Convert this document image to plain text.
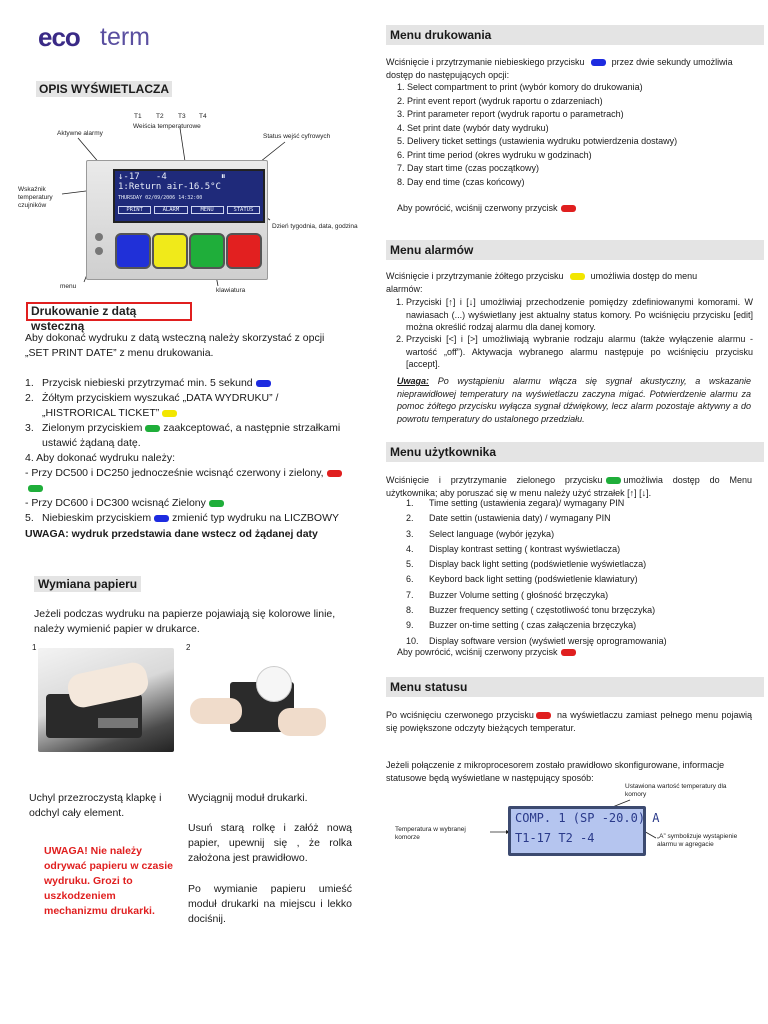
eco term
OPIS WYŚWIETLACZA
T1 T2 T3 T4
Weiścia temperaturowe
Aktywne alarmy	Status wejść cyfrowych
Wskaźnik temperatury czujników
Dzień tygodnia, data, godzina
menu
klawiatura
↓-17   -4          ⏸
1:Return air-16.5°C
THURSDAY 02/09/2006 14:32:00
PRINT	ALARM	MENU	STATUS
Drukowanie z datą wsteczną
Aby dokonać wydruku z datą wsteczną należy skorzystać z opcji „SET PRINT DATE” z menu drukowania.
1. Przycisk niebieski przytrzymać min. 5 sekund
2. Żółtym przyciskiem wyszukać „DATA WYDRUKU” / „HISTRORICAL TICKET”
3. Zielonym przyciskiem zaakceptować, a następnie strzałkami ustawić żądaną datę.
4. Aby dokonać wydruku należy:
- Przy DC500 i DC250 jednocześnie wcisnąć czerwony i zielony,
- Przy DC600 i DC300 wcisnąć Zielony
5. Niebieskim przyciskiem zmienić typ wydruku na LICZBOWY
UWAGA: wydruk przedstawia dane wstecz od żądanej daty
Wymiana papieru
Jeżeli podczas wydruku na papierze pojawiają się kolorowe linie, należy wymienić papier w drukarce.
1	2
Uchyl przezroczystą klapkę i odchyl cały element.
UWAGA! Nie należy odrywać papieru w czasie wydruku. Grozi to uszkodzeniem mechanizmu drukarki.
Wyciągnij moduł drukarki.
Usuń starą rolkę i załóż nową papier, upewnij się , że rolka założona jest prawidłowo.
Po wymianie papieru umieść moduł drukarki na miejscu i lekko dociśnij.
Menu drukowania
Wciśnięcie i przytrzymanie niebieskiego przycisku	przez dwie sekundy umożliwia dostęp do następujących opcji:
1. Select compartment to print (wybór komory do drukowania)
2. Print event report (wydruk raportu o zdarzeniach)
3. Print parameter report (wydruk raportu o parametrach)
4. Set print date (wybór daty wydruku)
5. Delivery ticket settings (ustawienia wydruku potwierdzenia dostawy)
6. Print time period (okres wydruku w godzinach)
7. Day start time (czas początkowy)
8. Day end time (czas końcowy)
Aby powrócić, wciśnij czerwony przycisk
Menu alarmów
Wciśnięcie i przytrzymanie żółtego przycisku	umożliwia dostęp do menu alarmów:
1. Przyciski [↑] i [↓] umożliwiaj przechodzenie pomiędzy zdefiniowanymi komorami. W nawiasach (...) wyświetlany jest aktualny status komory. Po wciśnięciu przycisku [edit] można określić rodzaj alarmu dla danej komory.
2. Przyciski [<] i [>] umożliwiają wybranie rodzaju alarmu (także wyłączenie alarmu - wartość „off”). Aktywacja wybranego alarmu następuje po wciśnięciu przycisku [accept].
Uwaga: Po wystąpieniu alarmu włącza się sygnał akustyczny, a wskazanie nieprawidłowej temperatury na wyświetlaczu zaczyna migać. Potwierdzenie alarmu za pomoc żółtego przycisku wyłącza sygnał dźwiękowy, lecz alarm pozostaje aktywny a do powrotu temperatury do ustalonego przedziału.
Menu użytkownika
Wciśnięcie i przytrzymanie zielonego przycisku umożliwia dostęp do Menu użytkownika; aby poruszać się w menu należy użyć strzałek [↑] [↓].
1. Time setting (ustawienia zegara)/ wymagany PIN
2. Date settin (ustawienia daty) / wymagany PIN
3. Select language (wybór języka)
4. Display kontrast setting ( kontrast wyświetlacza)
5. Display back light setting (podświetlenie wyświetlacza)
6. Keybord back light setting (podświetlenie klawiatury)
7. Buzzer Volume setting ( głośność brzęczyka)
8. Buzzer frequency setting ( częstotliwość tonu brzęczyka)
9. Buzzer on-time setting ( czas załączenia brzęczyka)
10. Display software version (wyświetl wersję oprogramowania)
Aby powrócić, wciśnij czerwony przycisk
Menu statusu
Po wciśnięciu czerwonego przycisku	na wyświetlaczu zamiast pełnego menu pojawią się powiększone odczyty bieżących temperatur.
Jeżeli połączenie z mikroprocesorem zostało prawidłowo skonfigurowane, informacje statusowe będą wyświetlane w następujący sposób:
Ustawiona wartość temperatury dla komory
Temperatura w wybranej komorze	„A” symbolizuje wystąpienie alarmu w agregacie
COMP. 1 (SP -20.0) A
T1-17 T2 -4
